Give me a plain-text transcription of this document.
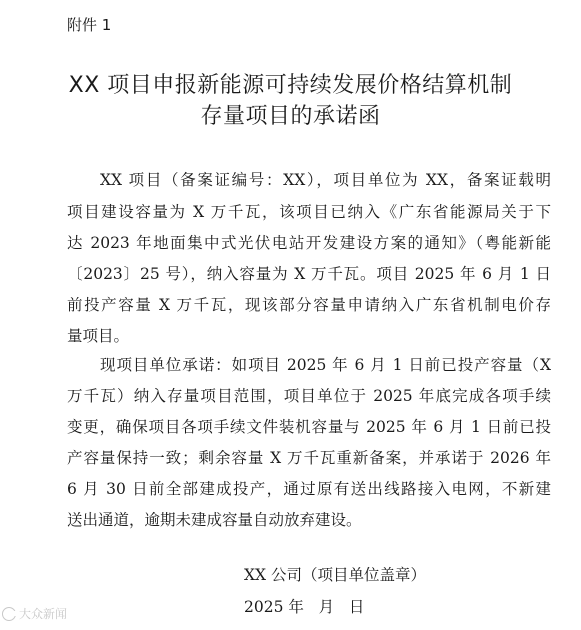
附件 1
XX 项目申报新能源可持续发展价格结算机制
存量项目的承诺函
XX 项目（备案证编号：XX），项目单位为 XX，备案证载明
项目建设容量为 X 万千瓦，该项目已纳入《广东省能源局关于下
达 2023 年地面集中式光伏电站开发建设方案的通知》（粤能新能
〔2023〕25 号），纳入容量为 X 万千瓦。项目 2025 年 6 月 1 日
前投产容量 X 万千瓦，现该部分容量申请纳入广东省机制电价存
量项目。
现项目单位承诺：如项目 2025 年 6 月 1 日前已投产容量（X
万千瓦）纳入存量项目范围，项目单位于 2025 年底完成各项手续
变更，确保项目各项手续文件装机容量与 2025 年 6 月 1 日前已投
产容量保持一致；剩余容量 X 万千瓦重新备案，并承诺于 2026 年
6 月 30 日前全部建成投产，通过原有送出线路接入电网，不新建
送出通道，逾期未建成容量自动放弃建设。
XX 公司（项目单位盖章）
2025 年   月   日
大众新闻
